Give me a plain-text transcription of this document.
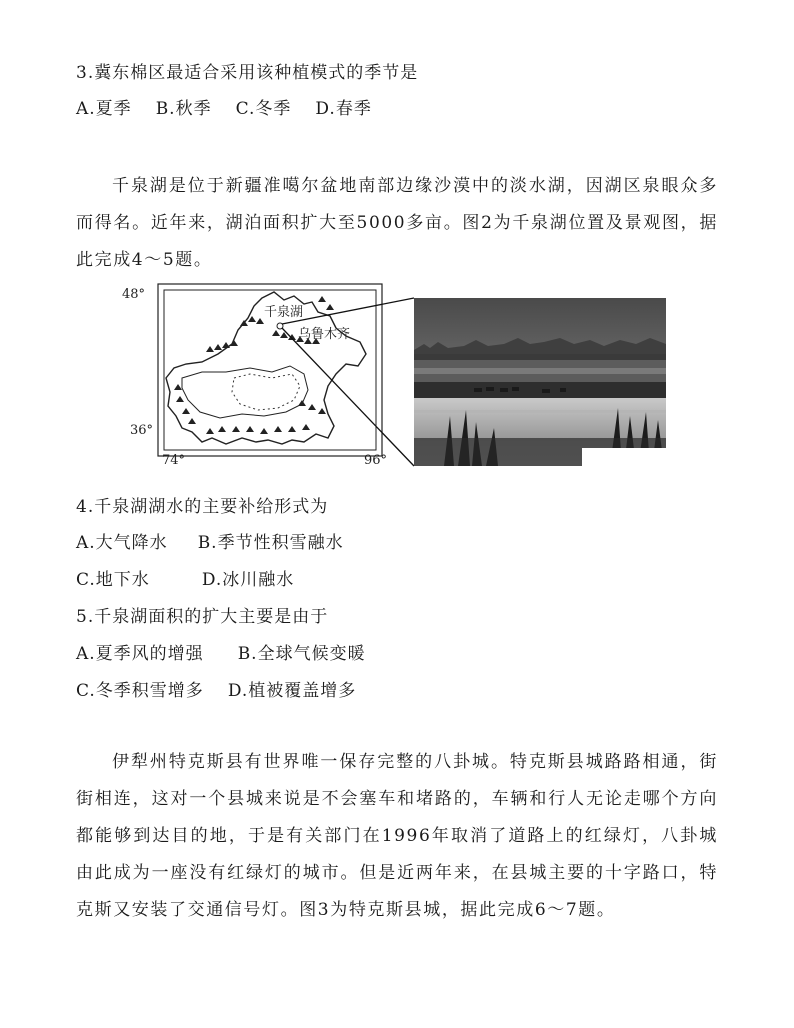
3.冀东棉区最适合采用该种植模式的季节是
A.夏季 B.秋季 C.冬季 D.春季
千泉湖是位于新疆准噶尔盆地南部边缘沙漠中的淡水湖，因湖区泉眼众多而得名。近年来，湖泊面积扩大至5000多亩。图2为千泉湖位置及景观图，据此完成4～5题。
48°
36°
74°	96°
千泉湖
乌鲁木齐
4.千泉湖湖水的主要补给形式为
A.大气降水 B.季节性积雪融水
C.地下水	D.冰川融水
5.千泉湖面积的扩大主要是由于
A.夏季风的增强 B.全球气候变暖
C.冬季积雪增多 D.植被覆盖增多
伊犁州特克斯县有世界唯一保存完整的八卦城。特克斯县城路路相通，街街相连，这对一个县城来说是不会塞车和堵路的，车辆和行人无论走哪个方向都能够到达目的地，于是有关部门在1996年取消了道路上的红绿灯，八卦城由此成为一座没有红绿灯的城市。但是近两年来，在县城主要的十字路口，特克斯又安装了交通信号灯。图3为特克斯县城，据此完成6～7题。
